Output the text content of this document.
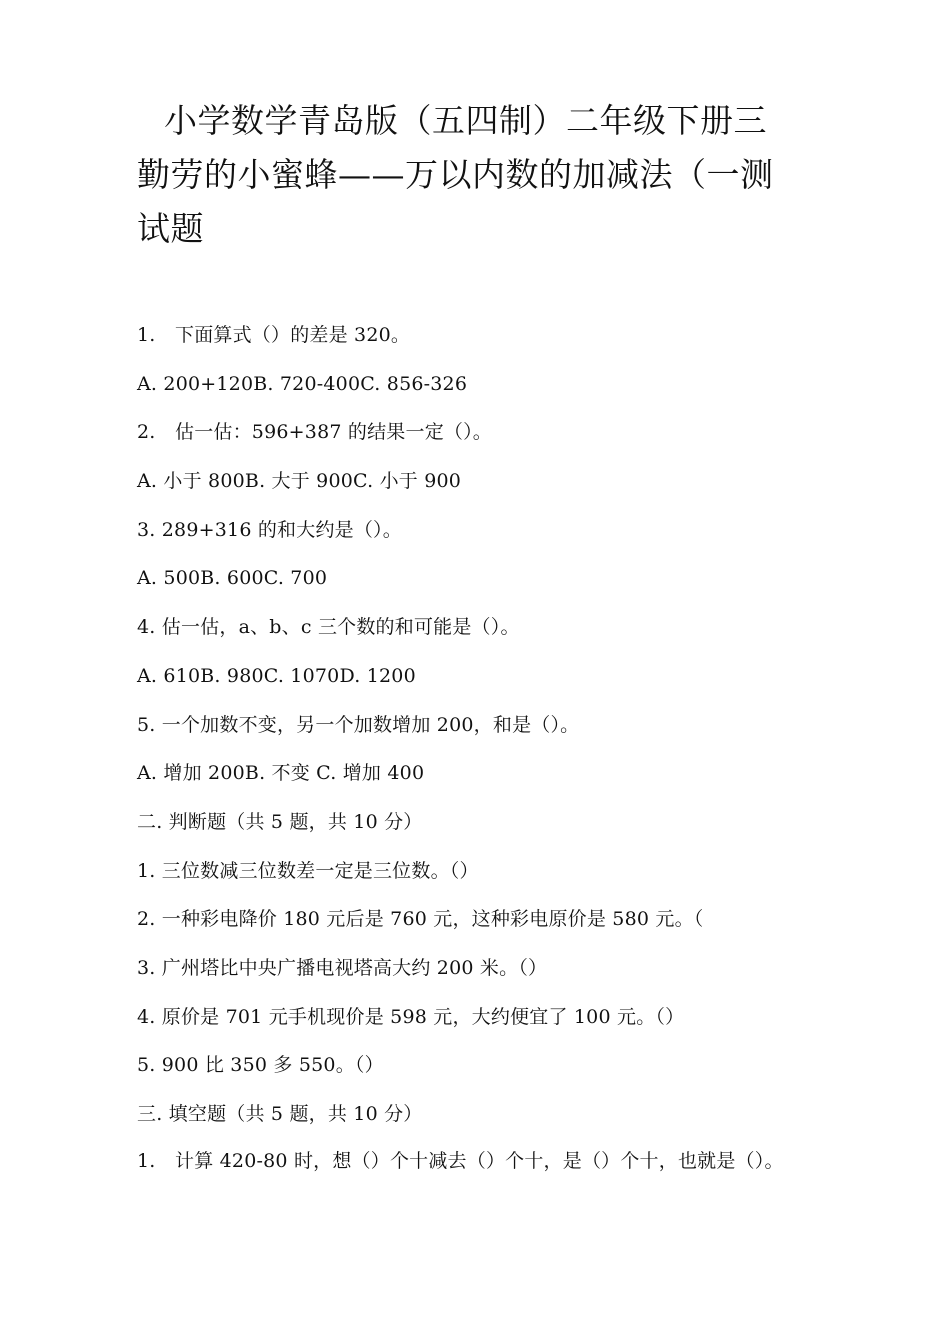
小学数学青岛版（五四制）二年级下册三
勤劳的小蜜蜂——万以内数的加减法（一测
试题
1. 下面算式（）的差是 320。
A. 200+120B. 720-400C. 856-326
2. 估一估：596+387 的结果一定（）。
A. 小于 800B. 大于 900C. 小于 900
3. 289+316 的和大约是（）。
A. 500B. 600C. 700
4. 估一估，a、b、c 三个数的和可能是（）。
A. 610B. 980C. 1070D. 1200
5. 一个加数不变，另一个加数增加 200，和是（）。
A. 增加 200B. 不变 C. 增加 400
二. 判断题（共 5 题，共 10 分）
1. 三位数减三位数差一定是三位数。（）
2. 一种彩电降价 180 元后是 760 元，这种彩电原价是 580 元。（
3. 广州塔比中央广播电视塔高大约 200 米。（）
4. 原价是 701 元手机现价是 598 元，大约便宜了 100 元。（）
5. 900 比 350 多 550。（）
三. 填空题（共 5 题，共 10 分）
1. 计算 420-80 时，想（）个十减去（）个十，是（）个十，也就是（）。
